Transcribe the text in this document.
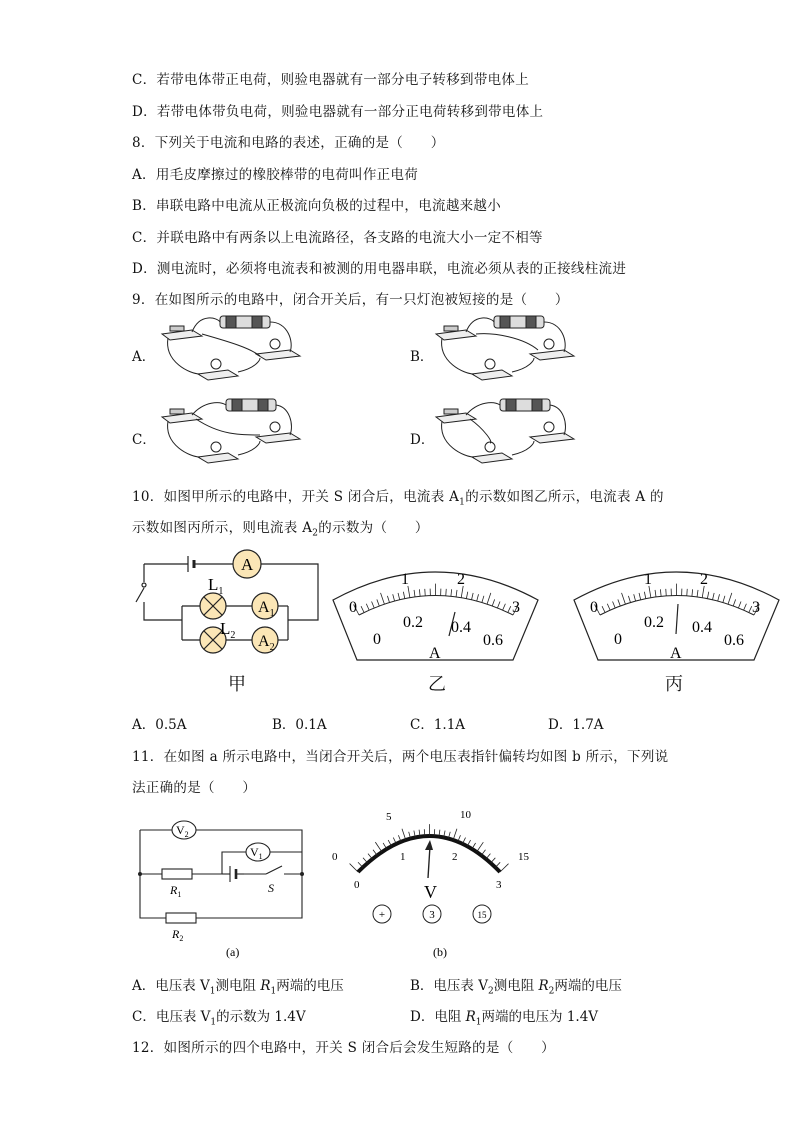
C．若带电体带正电荷，则验电器就有一部分电子转移到带电体上
D．若带电体带负电荷，则验电器就有一部分正电荷转移到带电体上
8．下列关于电流和电路的表述，正确的是（　　）
A．用毛皮摩擦过的橡胶棒带的电荷叫作正电荷
B．串联电路中电流从正极流向负极的过程中，电流越来越小
C．并联电路中有两条以上电流路径，各支路的电流大小一定不相等
D．测电流时，必须将电流表和被测的用电器串联，电流必须从表的正接线柱流进
9．在如图所示的电路中，闭合开关后，有一只灯泡被短接的是（　　）
A．	B．
C．	D．
10．如图甲所示的电路中，开关 S 闭合后，电流表 $A_1$的示数如图乙所示，电流表 A 的
示数如图丙所示，则电流表 $A_2$的示数为（　　）
A
$A_1$
$A_2$
$L_1$
$L_2$
甲
0
1	2
3
0
0.2 0.4
0.6
A
乙
0
1	2
3
0
0.2 0.4
0.6
A
丙
A．0.5A	B．0.1A	C．1.1A	D．1.7A
11．在如图 a 所示电路中，当闭合开关后，两个电压表指针偏转均如图 b 所示，下列说
法正确的是（　　）
$V_2$
$V_1$
$R_1$
$R_2$
S
(a)
0
5	10
15
0
1	2
3
V
+	3	15
(b)
A．电压表 $V_1$测电阻 $R_1$两端的电压	B．电压表 $V_2$测电阻 $R_2$两端的电压
C．电压表 $V_1$的示数为 1.4V	D．电阻 $R_1$两端的电压为 1.4V
12．如图所示的四个电路中，开关 S 闭合后会发生短路的是（　　）
